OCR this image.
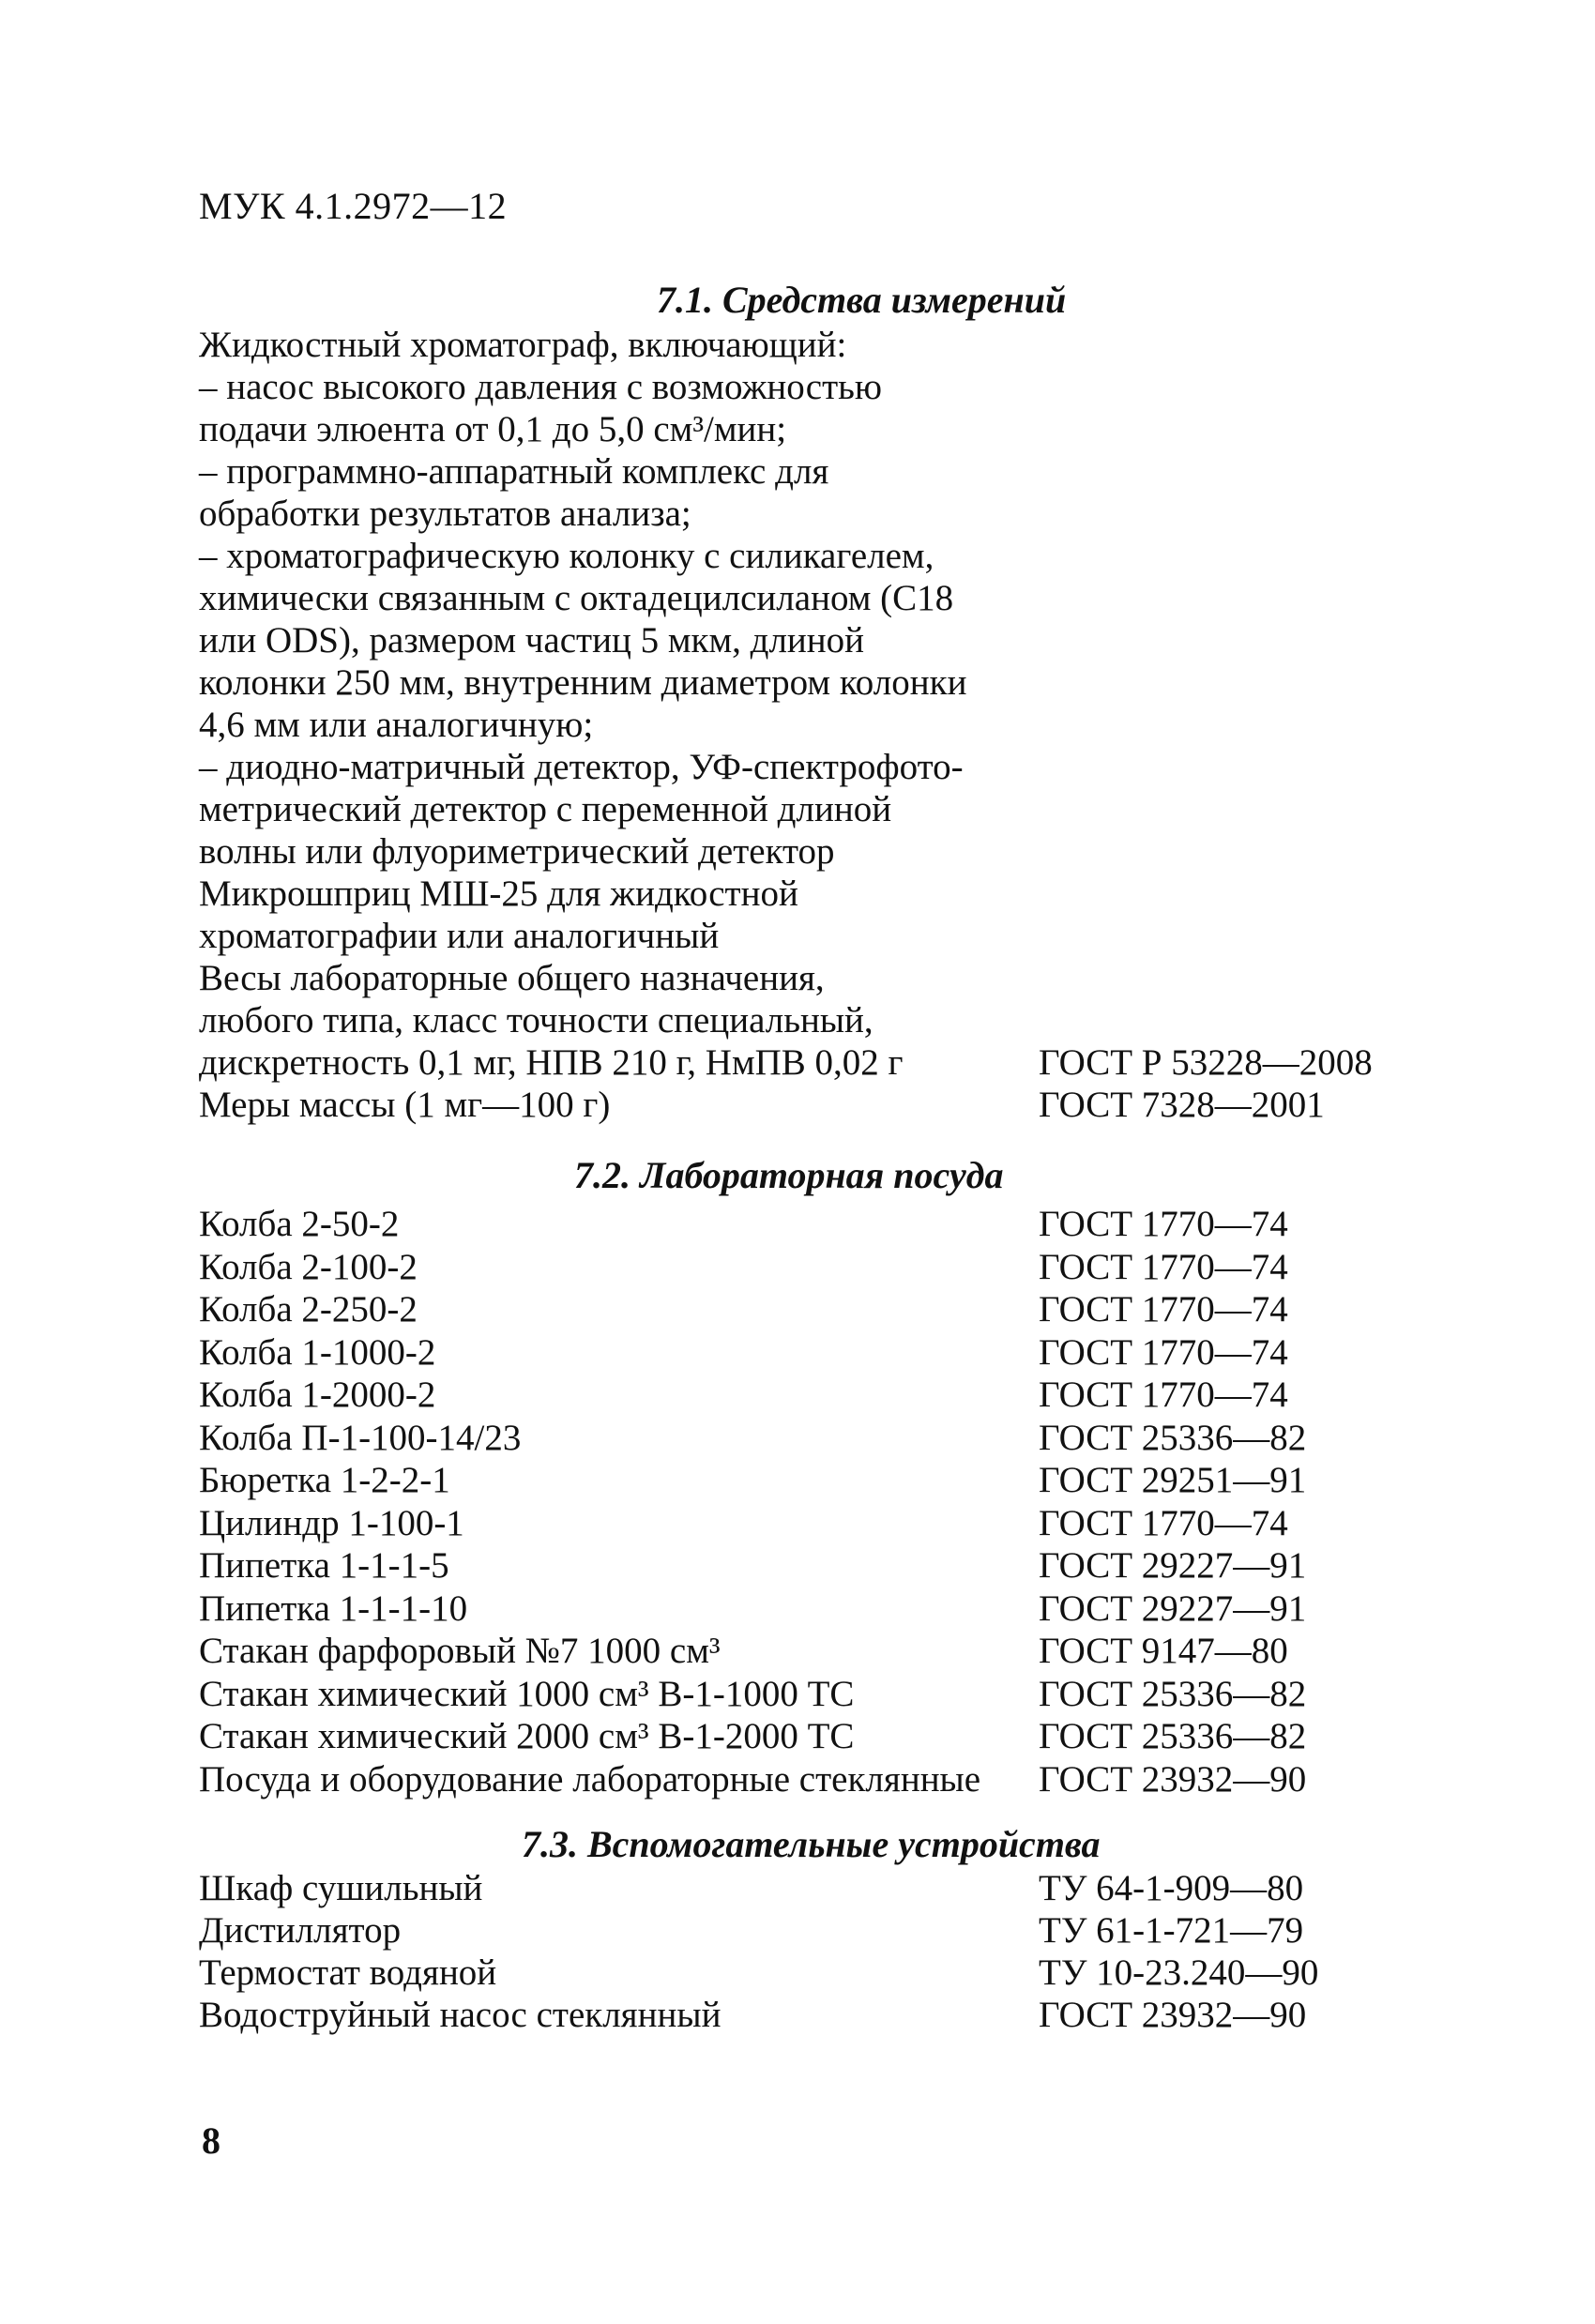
МУК 4.1.2972—12
7.1. Средства измерений
Жидкостный хроматограф, включающий:
– насос высокого давления с возможностью
подачи элюента от 0,1 до 5,0 см³/мин;
– программно-аппаратный комплекс для
обработки результатов анализа;
– хроматографическую колонку с силикагелем,
химически связанным с октадецилсиланом (С18
или ODS), размером частиц 5 мкм, длиной
колонки 250 мм, внутренним диаметром колонки
4,6 мм или аналогичную;
– диодно-матричный детектор, УФ-спектрофото-
метрический детектор с переменной длиной
волны или флуориметрический детектор
Микрошприц МШ-25 для жидкостной
хроматографии или аналогичный
Весы лабораторные общего назначения,
любого типа, класс точности специальный,
дискретность 0,1 мг, НПВ 210 г, НмПВ 0,02 г	ГОСТ Р 53228—2008
Меры массы (1 мг—100 г)	ГОСТ 7328—2001
7.2. Лабораторная посуда
Колба 2-50-2	ГОСТ 1770—74
Колба 2-100-2	ГОСТ 1770—74
Колба 2-250-2	ГОСТ 1770—74
Колба 1-1000-2	ГОСТ 1770—74
Колба 1-2000-2	ГОСТ 1770—74
Колба П-1-100-14/23	ГОСТ 25336—82
Бюретка 1-2-2-1	ГОСТ 29251—91
Цилиндр 1-100-1	ГОСТ 1770—74
Пипетка 1-1-1-5	ГОСТ 29227—91
Пипетка 1-1-1-10	ГОСТ 29227—91
Стакан фарфоровый №7 1000 см³	ГОСТ 9147—80
Стакан химический 1000 см³ В-1-1000 ТС	ГОСТ 25336—82
Стакан химический 2000 см³ В-1-2000 ТС	ГОСТ 25336—82
Посуда и оборудование лабораторные стеклянные ГОСТ 23932—90
7.3. Вспомогательные устройства
Шкаф сушильный	ТУ 64-1-909—80
Дистиллятор	ТУ 61-1-721—79
Термостат водяной	ТУ 10-23.240—90
Водоструйный насос стеклянный	ГОСТ 23932—90
8
